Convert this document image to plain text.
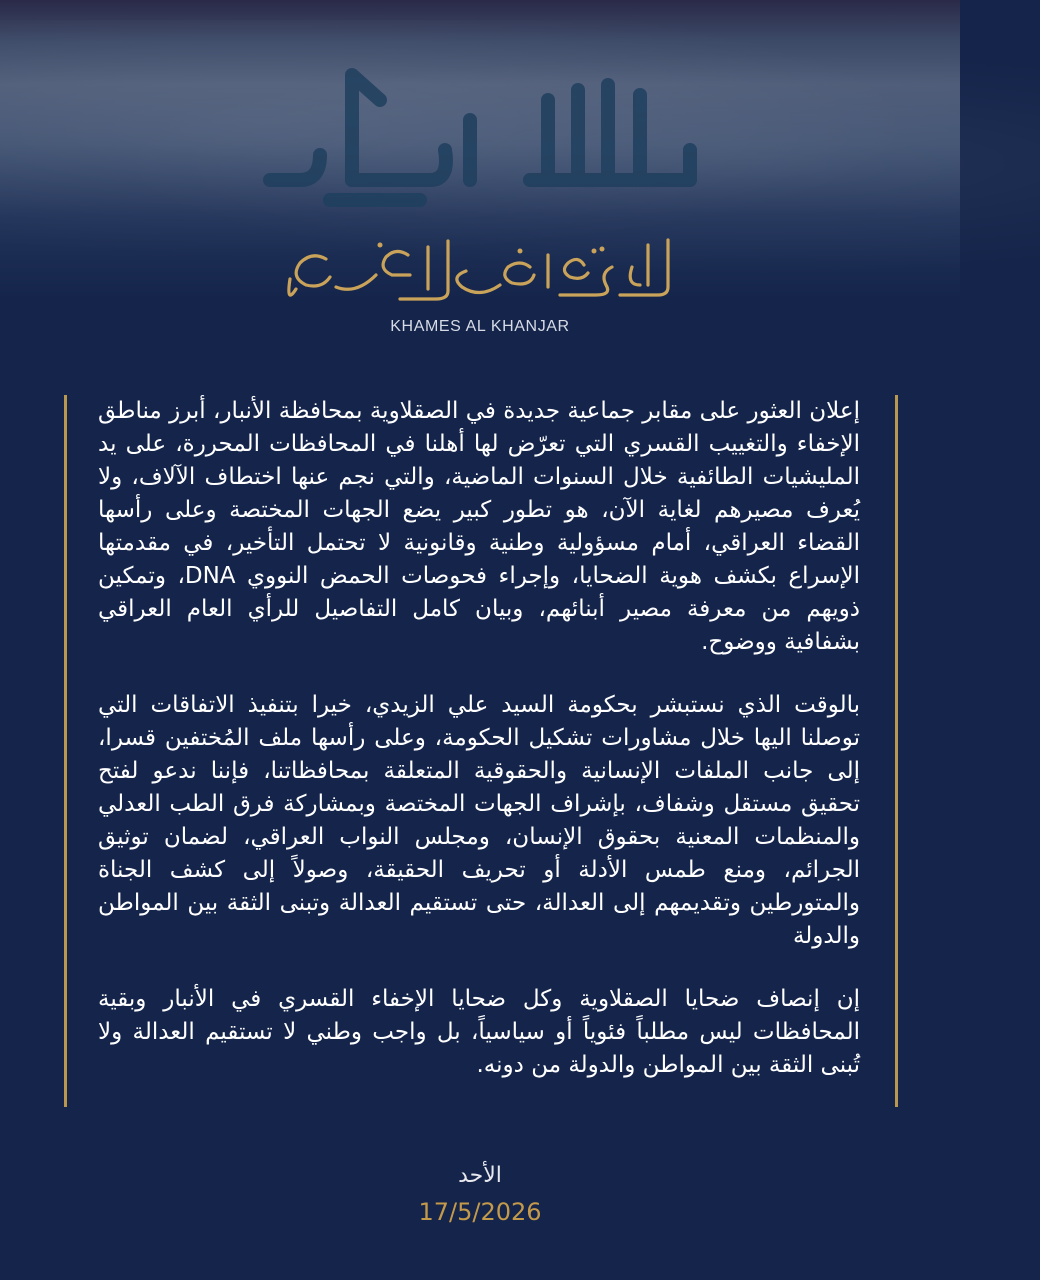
KHAMES AL KHANJAR

إعلان العثور على مقابر جماعية جديدة في الصقلاوية بمحافظة الأنبار، أبرز مناطق الإخفاء والتغييب القسري التي تعرّض لها أهلنا في المحافظات المحررة، على يد المليشيات الطائفية خلال السنوات الماضية، والتي نجم عنها اختطاف الآلاف، ولا يُعرف مصيرهم لغاية الآن، هو تطور كبير يضع الجهات المختصة وعلى رأسها القضاء العراقي، أمام مسؤولية وطنية وقانونية لا تحتمل التأخير، في مقدمتها الإسراع بكشف هوية الضحايا، وإجراء فحوصات الحمض النووي DNA، وتمكين ذويهم من معرفة مصير أبنائهم، وبيان كامل التفاصيل للرأي العام العراقي بشفافية ووضوح.

بالوقت الذي نستبشر بحكومة السيد علي الزيدي، خيرا بتنفيذ الاتفاقات التي توصلنا اليها خلال مشاورات تشكيل الحكومة، وعلى رأسها ملف المُختفين قسرا، إلى جانب الملفات الإنسانية والحقوقية المتعلقة بمحافظاتنا، فإننا ندعو لفتح تحقيق مستقل وشفاف، بإشراف الجهات المختصة وبمشاركة فرق الطب العدلي والمنظمات المعنية بحقوق الإنسان، ومجلس النواب العراقي، لضمان توثيق الجرائم، ومنع طمس الأدلة أو تحريف الحقيقة، وصولاً إلى كشف الجناة والمتورطين وتقديمهم إلى العدالة، حتى تستقيم العدالة وتبنى الثقة بين المواطن والدولة

إن إنصاف ضحايا الصقلاوية وكل ضحايا الإخفاء القسري في الأنبار وبقية المحافظات ليس مطلباً فئوياً أو سياسياً، بل واجب وطني لا تستقيم العدالة ولا تُبنى الثقة بين المواطن والدولة من دونه.

الأحد
17/5/2026
